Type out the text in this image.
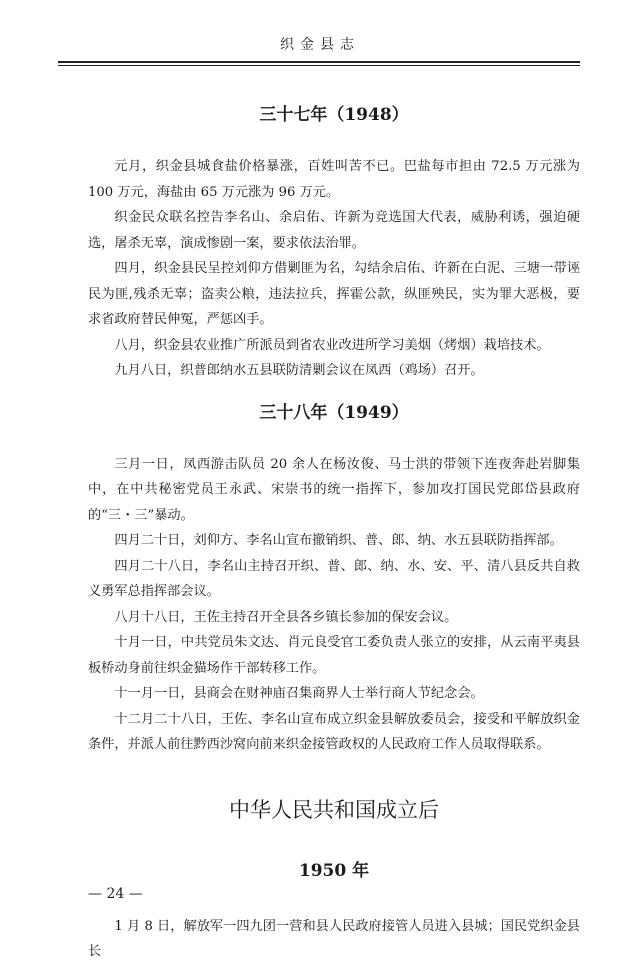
织金县志
三十七年（1948）

元月，织金县城食盐价格暴涨，百姓叫苦不已。巴盐每市担由 72.5 万元涨为 100 万元，海盐由 65 万元涨为 96 万元。

织金民众联名控告李名山、余启佑、许新为竞选国大代表，威胁利诱，强迫硬选，屠杀无辜，演成惨剧一案，要求依法治罪。

四月，织金县民呈控刘仰方借剿匪为名，勾结余启佑、许新在白泥、三塘一带诬民为匪,残杀无辜；盗卖公粮，违法拉兵，挥霍公款，纵匪殃民，实为罪大恶极，要求省政府替民伸冤，严惩凶手。

八月，织金县农业推广所派员到省农业改进所学习美烟（烤烟）栽培技术。

九月八日，织普郎纳水五县联防清剿会议在凤西（鸡场）召开。

三十八年（1949）

三月一日，凤西游击队员 20 余人在杨汝俊、马士洪的带领下连夜奔赴岩脚集中，在中共秘密党员王永武、宋崇书的统一指挥下，参加攻打国民党郎岱县政府的“三・三”暴动。

四月二十日，刘仰方、李名山宣布撤销织、普、郎、纳、水五县联防指挥部。

四月二十八日，李名山主持召开织、普、郎、纳、水、安、平、清八县反共自救义勇军总指挥部会议。

八月十八日，王佐主持召开全县各乡镇长参加的保安会议。

十月一日，中共党员朱文达、肖元良受官工委负责人张立的安排，从云南平夷县板桥动身前往织金猫场作干部转移工作。

十一月一日，县商会在财神庙召集商界人士举行商人节纪念会。

十二月二十八日，王佐、李名山宣布成立织金县解放委员会，接受和平解放织金条件，并派人前往黔西沙窝向前来织金接管政权的人民政府工作人员取得联系。

中华人民共和国成立后
1950 年

1 月 8 日，解放军一四九团一营和县人民政府接管人员进入县城；国民党织金县长

— 24 —
